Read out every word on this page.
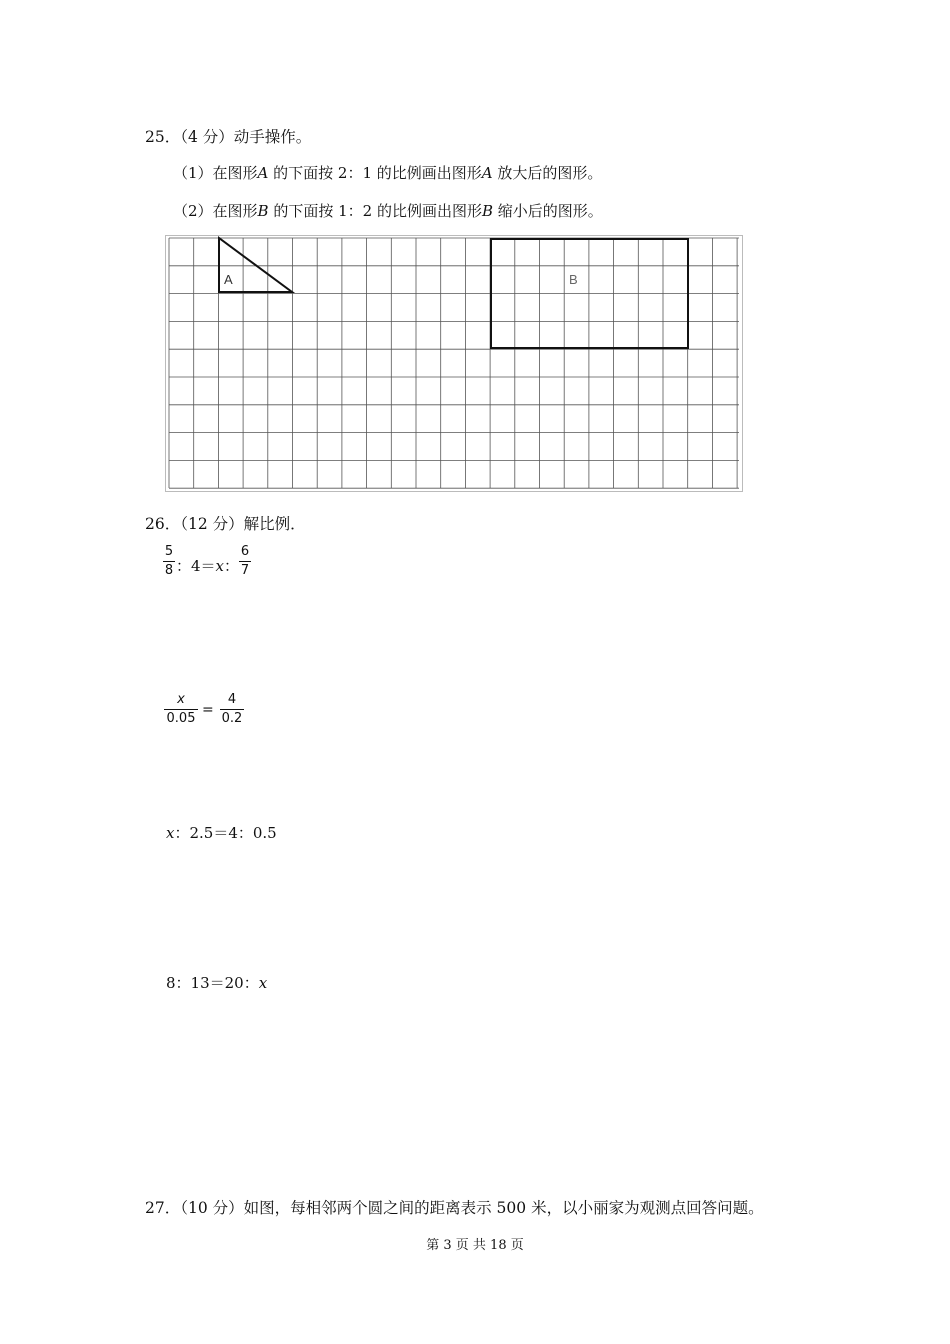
25．（4 分）动手操作。
（1）在图形A 的下面按 2：1 的比例画出图形A 放大后的图形。
（2）在图形B 的下面按 1：2 的比例画出图形B 缩小后的图形。
A	B
26．（12 分）解比例．
5
8 ：4＝x：
6
7
x
0.05
=
4
0.2
x：2.5＝4：0.5
8：13＝20：x
27．（10 分）如图，每相邻两个圆之间的距离表示 500 米，以小丽家为观测点回答问题。
第 3 页 共 18 页
